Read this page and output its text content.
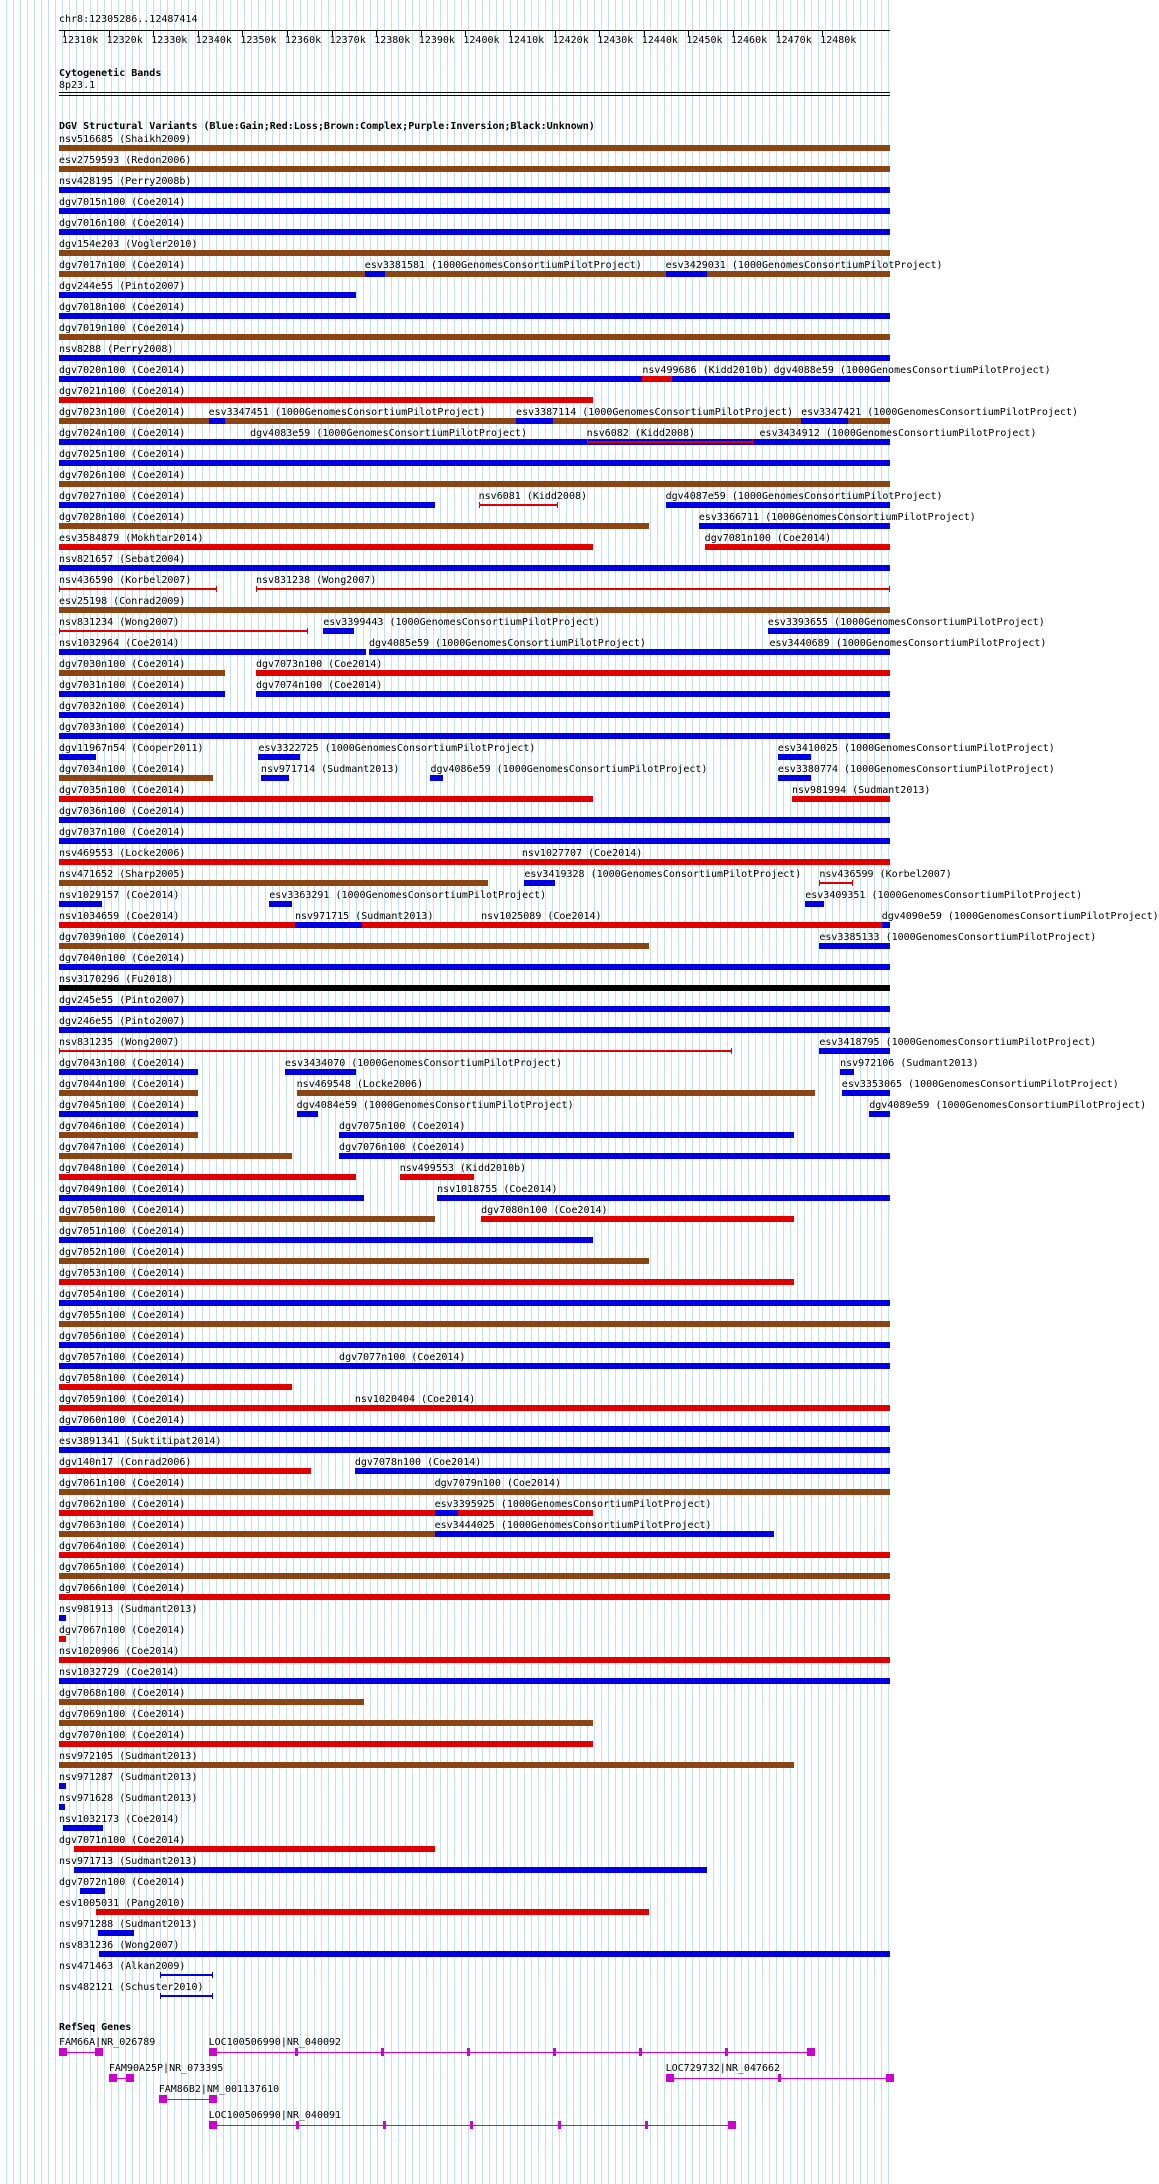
chr8:12305286..12487414
12310k 12320k 12330k 12340k 12350k 12360k 12370k 12380k 12390k 12400k 12410k 12420k 12430k 12440k 12450k 12460k 12470k 12480k
Cytogenetic Bands
8p23.1
DGV Structural Variants (Blue:Gain;Red:Loss;Brown:Complex;Purple:Inversion;Black:Unknown)
nsv516685 (Shaikh2009)
esv2759593 (Redon2006)
nsv428195 (Perry2008b)
dgv7015n100 (Coe2014)
dgv7016n100 (Coe2014)
dgv154e203 (Vogler2010)
dgv7017n100 (Coe2014)	esv3381581 (1000GenomesConsortiumPilotProject) esv3429031 (1000GenomesConsortiumPilotProject)
dgv244e55 (Pinto2007)
dgv7018n100 (Coe2014)
dgv7019n100 (Coe2014)
nsv8288 (Perry2008)
dgv7020n100 (Coe2014)	nsv499686 (Kidd2010b) dgv4088e59 (1000GenomesConsortiumPilotProject)
dgv7021n100 (Coe2014)
dgv7023n100 (Coe2014) esv3347451 (1000GenomesConsortiumPilotProject)	esv3387114 (1000GenomesConsortiumPilotProject) esv3347421 (1000GenomesConsortiumPilotProject)
dgv7024n100 (Coe2014)	dgv4083e59 (1000GenomesConsortiumPilotProject)	nsv6082 (Kidd2008)	esv3434912 (1000GenomesConsortiumPilotProject)
dgv7025n100 (Coe2014)
dgv7026n100 (Coe2014)
dgv7027n100 (Coe2014)	nsv6081 (Kidd2008)	dgv4087e59 (1000GenomesConsortiumPilotProject)
dgv7028n100 (Coe2014)	esv3366711 (1000GenomesConsortiumPilotProject)
esv3584879 (Mokhtar2014)	dgv7081n100 (Coe2014)
nsv821657 (Sebat2004)
nsv436590 (Korbel2007)	nsv831238 (Wong2007)
esv25198 (Conrad2009)
nsv831234 (Wong2007)	esv3399443 (1000GenomesConsortiumPilotProject)	esv3393655 (1000GenomesConsortiumPilotProject)
nsv1032964 (Coe2014)	dgv4085e59 (1000GenomesConsortiumPilotProject)	esv3440689 (1000GenomesConsortiumPilotProject)
dgv7030n100 (Coe2014)	dgv7073n100 (Coe2014)
dgv7031n100 (Coe2014)	dgv7074n100 (Coe2014)
dgv7032n100 (Coe2014)
dgv7033n100 (Coe2014)
dgv11967n54 (Cooper2011)	esv3322725 (1000GenomesConsortiumPilotProject)	esv3410025 (1000GenomesConsortiumPilotProject)
dgv7034n100 (Coe2014)	nsv971714 (Sudmant2013)	dgv4086e59 (1000GenomesConsortiumPilotProject)	esv3380774 (1000GenomesConsortiumPilotProject)
dgv7035n100 (Coe2014)	nsv981994 (Sudmant2013)
dgv7036n100 (Coe2014)
dgv7037n100 (Coe2014)
nsv469553 (Locke2006)	nsv1027707 (Coe2014)
nsv471652 (Sharp2005)	esv3419328 (1000GenomesConsortiumPilotProject) nsv436599 (Korbel2007)
nsv1029157 (Coe2014)	esv3363291 (1000GenomesConsortiumPilotProject)	esv3409351 (1000GenomesConsortiumPilotProject)
nsv1034659 (Coe2014)	nsv971715 (Sudmant2013)	nsv1025089 (Coe2014)	dgv4090e59 (1000GenomesConsortiumPilotProject)
dgv7039n100 (Coe2014)	esv3385133 (1000GenomesConsortiumPilotProject)
dgv7040n100 (Coe2014)
nsv3170296 (Fu2018)
dgv245e55 (Pinto2007)
dgv246e55 (Pinto2007)
nsv831235 (Wong2007)	esv3418795 (1000GenomesConsortiumPilotProject)
dgv7043n100 (Coe2014)	esv3434070 (1000GenomesConsortiumPilotProject)	nsv972106 (Sudmant2013)
dgv7044n100 (Coe2014)	nsv469548 (Locke2006)	esv3353065 (1000GenomesConsortiumPilotProject)
dgv7045n100 (Coe2014)	dgv4084e59 (1000GenomesConsortiumPilotProject)	dgv4089e59 (1000GenomesConsortiumPilotProject)
dgv7046n100 (Coe2014)	dgv7075n100 (Coe2014)
dgv7047n100 (Coe2014)	dgv7076n100 (Coe2014)
dgv7048n100 (Coe2014)	nsv499553 (Kidd2010b)
dgv7049n100 (Coe2014)	nsv1018755 (Coe2014)
dgv7050n100 (Coe2014)	dgv7080n100 (Coe2014)
dgv7051n100 (Coe2014)
dgv7052n100 (Coe2014)
dgv7053n100 (Coe2014)
dgv7054n100 (Coe2014)
dgv7055n100 (Coe2014)
dgv7056n100 (Coe2014)
dgv7057n100 (Coe2014)	dgv7077n100 (Coe2014)
dgv7058n100 (Coe2014)
dgv7059n100 (Coe2014)	nsv1020404 (Coe2014)
dgv7060n100 (Coe2014)
esv3891341 (Suktitipat2014)
dgv140n17 (Conrad2006)	dgv7078n100 (Coe2014)
dgv7061n100 (Coe2014)	dgv7079n100 (Coe2014)
dgv7062n100 (Coe2014)	esv3395925 (1000GenomesConsortiumPilotProject)
dgv7063n100 (Coe2014)	esv3444025 (1000GenomesConsortiumPilotProject)
dgv7064n100 (Coe2014)
dgv7065n100 (Coe2014)
dgv7066n100 (Coe2014)
nsv981913 (Sudmant2013)
dgv7067n100 (Coe2014)
nsv1020906 (Coe2014)
nsv1032729 (Coe2014)
dgv7068n100 (Coe2014)
dgv7069n100 (Coe2014)
dgv7070n100 (Coe2014)
nsv972105 (Sudmant2013)
nsv971287 (Sudmant2013)
nsv971628 (Sudmant2013)
nsv1032173 (Coe2014)
dgv7071n100 (Coe2014)
nsv971713 (Sudmant2013)
dgv7072n100 (Coe2014)
esv1005031 (Pang2010)
nsv971288 (Sudmant2013)
nsv831236 (Wong2007)
nsv471463 (Alkan2009)
nsv482121 (Schuster2010)
RefSeq Genes
FAM66A|NR_026789	LOC100506990|NR_040092
FAM90A25P|NR_073395	LOC729732|NR_047662
FAM86B2|NM_001137610
LOC100506990|NR_040091
